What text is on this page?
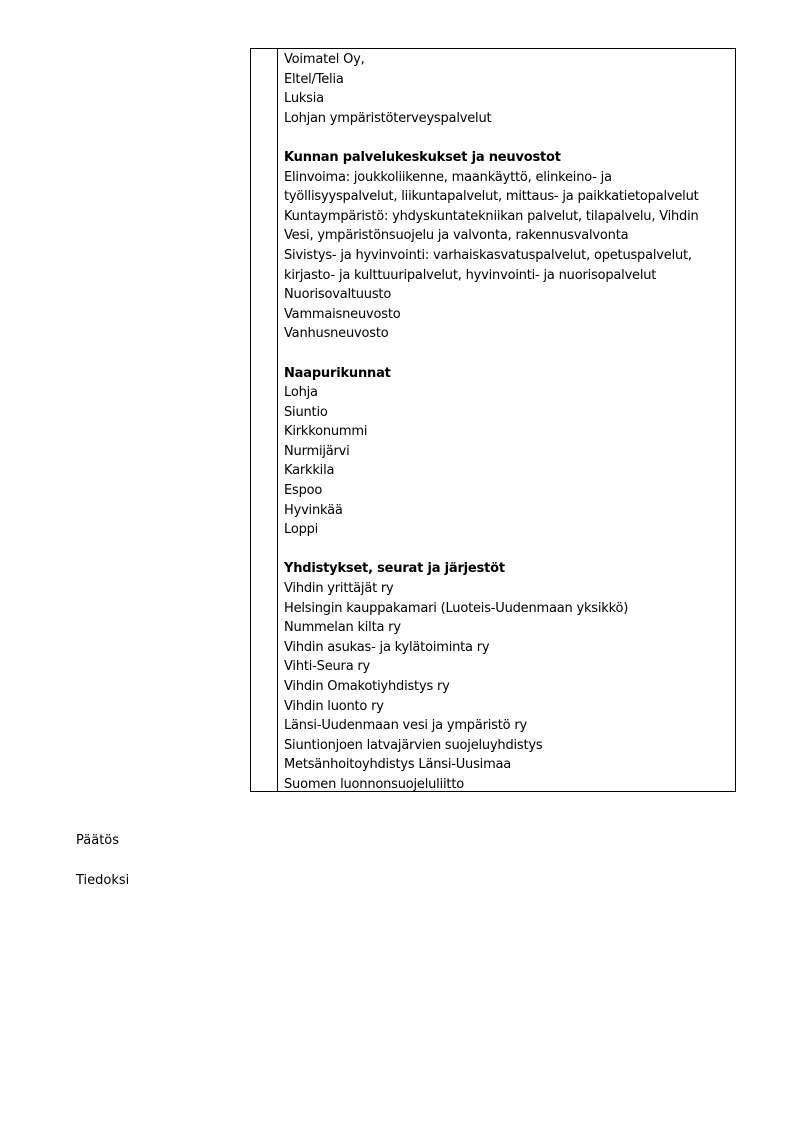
Voimatel Oy,
Eltel/Telia
Luksia
Lohjan ympäristöterveyspalvelut
Kunnan palvelukeskukset ja neuvostot
Elinvoima: joukkoliikenne, maankäyttö, elinkeino- ja
työllisyyspalvelut, liikuntapalvelut, mittaus- ja paikkatietopalvelut
Kuntaympäristö: yhdyskuntatekniikan palvelut, tilapalvelu, Vihdin
Vesi, ympäristönsuojelu ja valvonta, rakennusvalvonta
Sivistys- ja hyvinvointi: varhaiskasvatuspalvelut, opetuspalvelut,
kirjasto- ja kulttuuripalvelut, hyvinvointi- ja nuorisopalvelut
Nuorisovaltuusto
Vammaisneuvosto
Vanhusneuvosto
Naapurikunnat
Lohja
Siuntio
Kirkkonummi
Nurmijärvi
Karkkila
Espoo
Hyvinkää
Loppi
Yhdistykset, seurat ja järjestöt
Vihdin yrittäjät ry
Helsingin kauppakamari (Luoteis-Uudenmaan yksikkö)
Nummelan kilta ry
Vihdin asukas- ja kylätoiminta ry
Vihti-Seura ry
Vihdin Omakotiyhdistys ry
Vihdin luonto ry
Länsi-Uudenmaan vesi ja ympäristö ry
Siuntionjoen latvajärvien suojeluyhdistys
Metsänhoitoyhdistys Länsi-Uusimaa
Suomen luonnonsuojeluliitto
Päätös
Tiedoksi
